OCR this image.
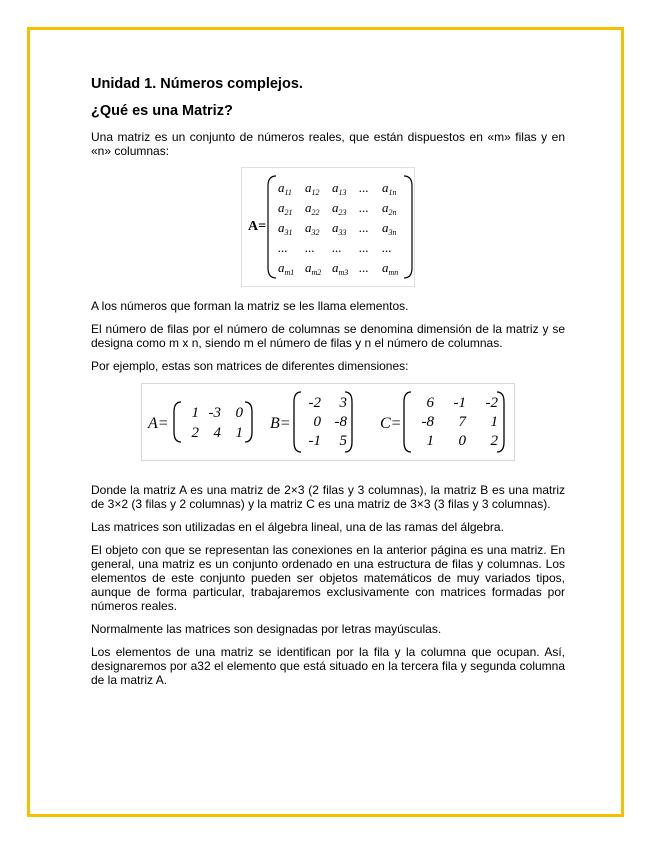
Unidad 1. Números complejos.
¿Qué es una Matriz?

Una matriz es un conjunto de números reales, que están dispuestos en «m» filas y en «n» columnas:

A=
$a_{11}$ $a_{12}$ $a_{13}$ ... $a_{1n}$
$a_{21}$ $a_{22}$ $a_{23}$ ... $a_{2n}$
$a_{31}$ $a_{32}$ $a_{33}$ ... $a_{3n}$
... ... ... ... ...
$a_{m1}$ $a_{m2}$ $a_{m3}$ ... $a_{mn}$

A los números que forman la matriz se les llama elementos.

El número de filas por el número de columnas se denomina dimensión de la matriz y se designa como m x n, siendo m el número de filas y n el número de columnas.

Por ejemplo, estas son matrices de diferentes dimensiones:

A=
1 -3 0
2 4 1
B=
-2 3
0 -8
-1 5
C=
6 -1 -2
-8 7 1
1 0 2

Donde la matriz A es una matriz de 2×3 (2 filas y 3 columnas), la matriz B es una matriz de 3×2 (3 filas y 2 columnas) y la matriz C es una matriz de 3×3 (3 filas y 3 columnas).

Las matrices son utilizadas en el álgebra lineal, una de las ramas del álgebra.

El objeto con que se representan las conexiones en la anterior página es una matriz. En general, una matriz es un conjunto ordenado en una estructura de filas y columnas. Los elementos de este conjunto pueden ser objetos matemáticos de muy variados tipos, aunque de forma particular, trabajaremos exclusivamente con matrices formadas por números reales.

Normalmente las matrices son designadas por letras mayúsculas.

Los elementos de una matriz se identifican por la fila y la columna que ocupan. Así, designaremos por a32 el elemento que está situado en la tercera fila y segunda columna de la matriz A.
